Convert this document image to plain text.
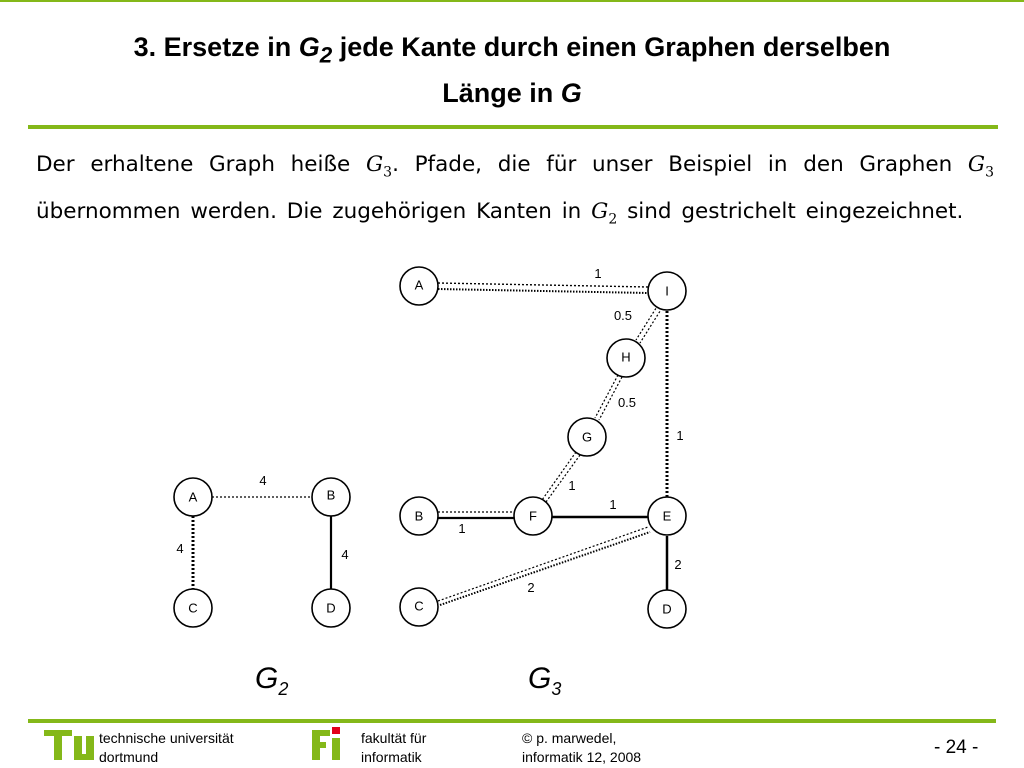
3. Ersetze in $G_2$ jede Kante durch einen Graphen derselben
Länge in G
Der erhaltene Graph heiße $G_3$. Pfade, die für unser Beispiel in den Graphen $G_3$ übernommen werden. Die zugehörigen Kanten in $G_2$ sind gestrichelt eingezeichnet.
A	B
C	D
4
4	4
A	I
H
G
B	F	E
C	D
1
0.5
0.5
1
1
1
1
2
2
$G_2$	$G_3$
technische universität
dortmund
fakultät für
informatik
© p. marwedel,
informatik 12, 2008	- 24 -
